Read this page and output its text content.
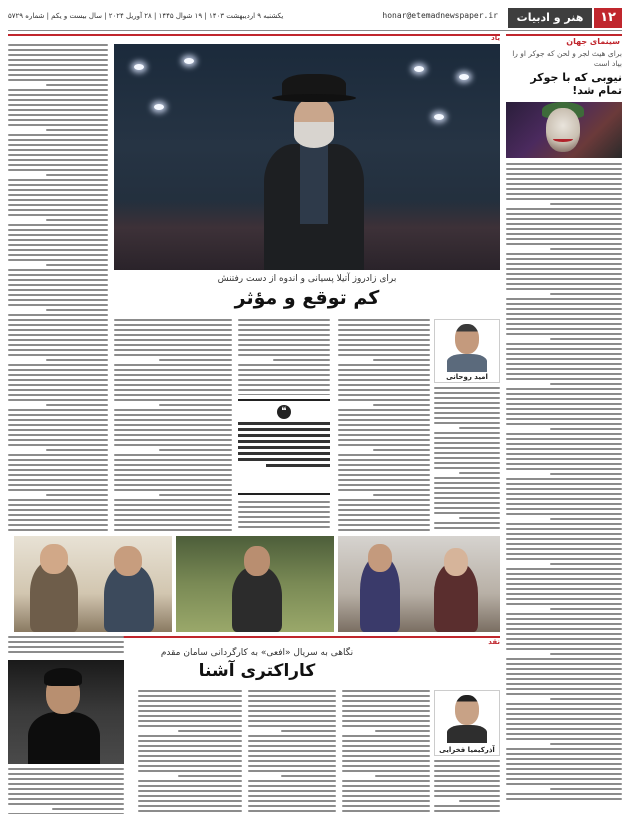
۱۲
هنر و ادبیات
honar@etemadnewspaper.ir
یکشنبه ۹ اردیبهشت ۱۴۰۳ | ۱۹ شوال ۱۴۴۵ | ۲۸ آوریل ۲۰۲۴ | سال بیست و یکم | شماره ۵۷۲۹
سینمای جهان
برای هیث لجر و لحن که جوکر او را بیاد است
نیوبی که با جوکر تمام شد!
یاد
برای زادروز آتیلا پسیانی و اندوه از دست رفتنش
کم توقع و مؤثر
امید روحانی
❝
نقد
نگاهی به سریال «افعی» به کارگردانی سامان مقدم
کاراکتری آشنا
آذرکیمیا فخرایی
